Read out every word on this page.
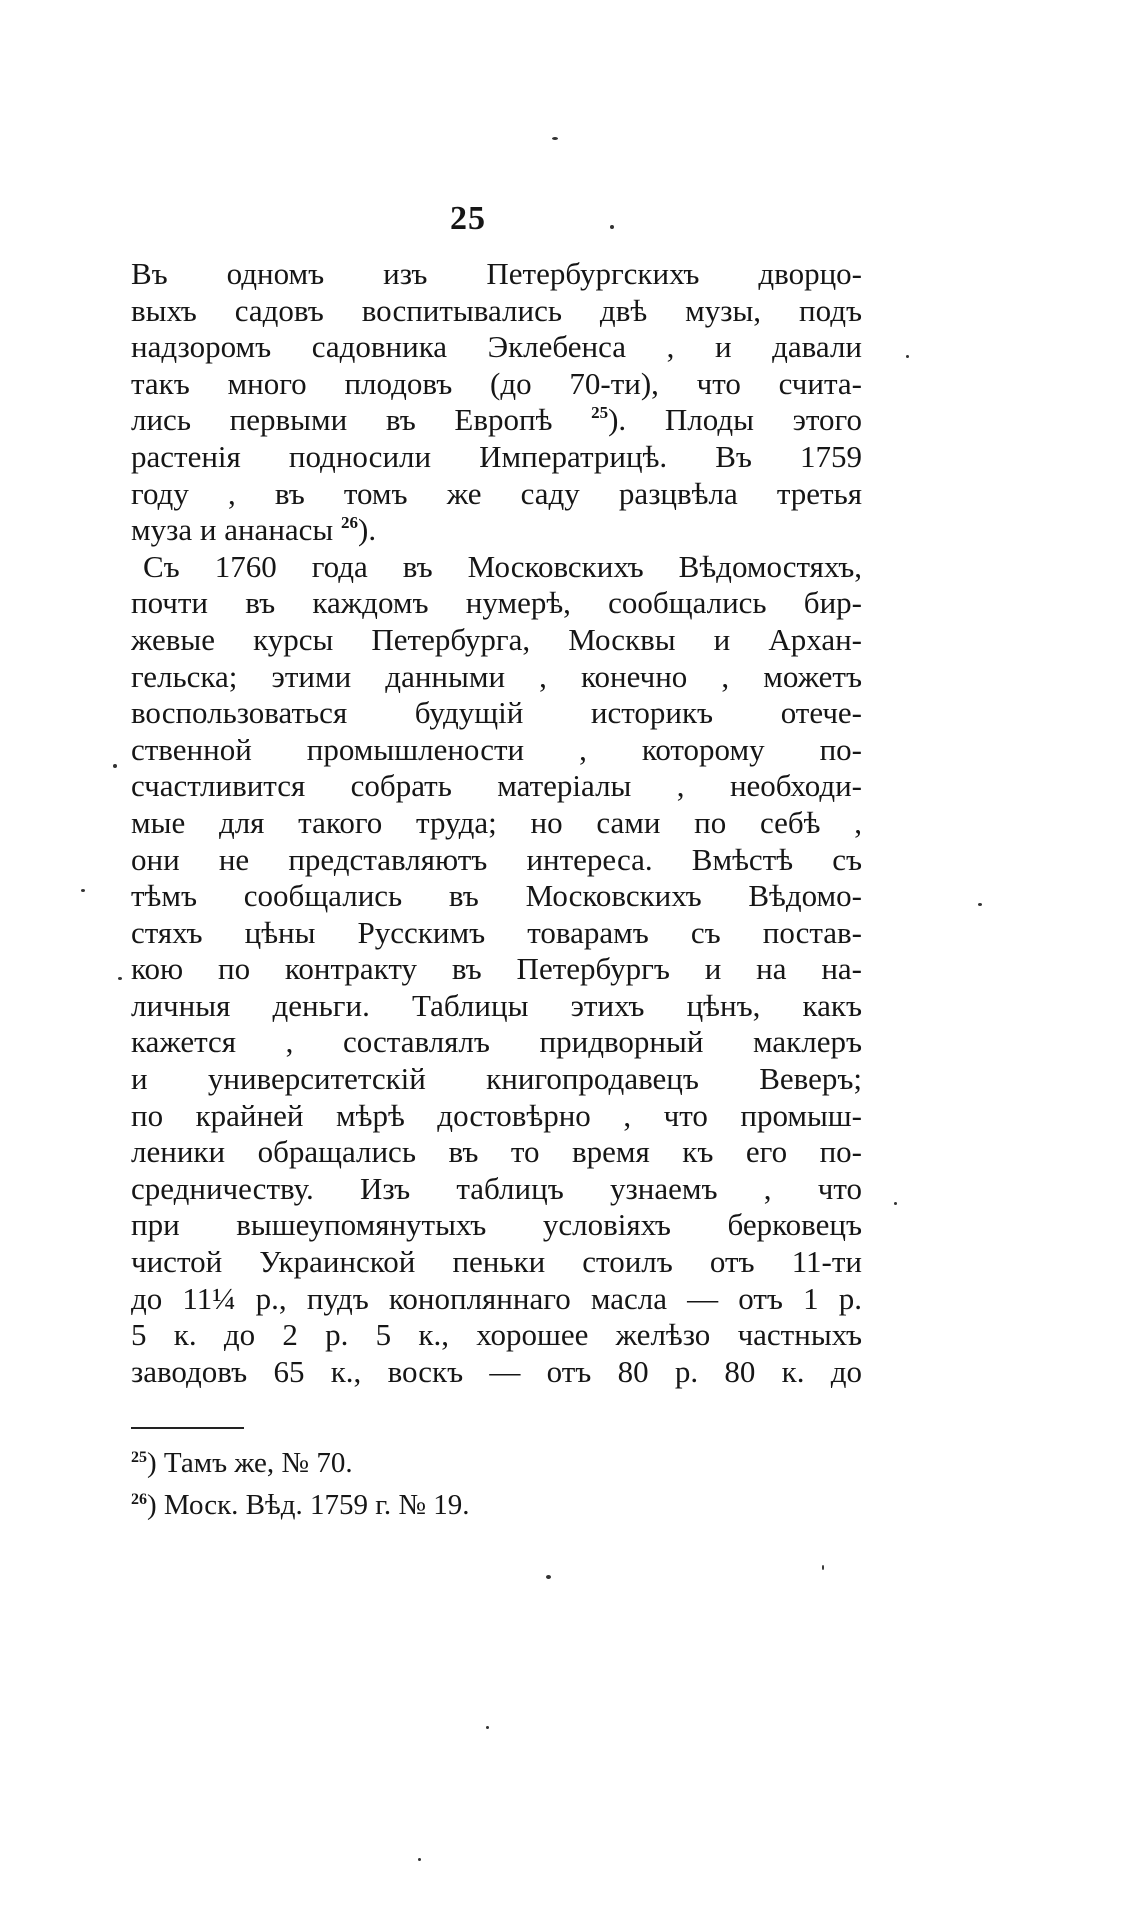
25
Въ одномъ изъ Петербургскихъ дворцо-
выхъ садовъ воспитывались двѣ музы, подъ
надзоромъ садовника Эклебенса , и давали
такъ много плодовъ (до 70-ти), что счита-
лись первыми въ Европѣ $^{25}$). Плоды этого
растенія подносили Императрицѣ. Въ 1759
году , въ томъ же саду разцвѣла третья
муза и ананасы $^{26}$).
Съ 1760 года въ Московскихъ Вѣдомостяхъ,
почти въ каждомъ нумерѣ, сообщались бир-
жевые курсы Петербурга, Москвы и Архан-
гельска; этими данными , конечно , можетъ
воспользоваться будущій историкъ отече-
ственной промышлености , которому по-
счастливится собрать матеріалы , необходи-
мые для такого труда; но сами по себѣ ,
они не представляютъ интереса. Вмѣстѣ съ
тѣмъ сообщались въ Московскихъ Вѣдомо-
стяхъ цѣны Русскимъ товарамъ съ постав-
кою по контракту въ Петербургъ и на на-
личныя деньги. Таблицы этихъ цѣнъ, какъ
кажется , составлялъ придворный маклеръ
и университетскій книгопродавецъ Веверъ;
по крайней мѣрѣ достовѣрно , что промыш-
леники обращались въ то время къ его по-
средничеству. Изъ таблицъ узнаемъ , что
при вышеупомянутыхъ условіяхъ берковецъ
чистой Украинской пеньки стоилъ отъ 11-ти
до 11¼ р., пудъ конопляннаго масла — отъ 1 р.
5 к. до 2 р. 5 к., хорошее желѣзо частныхъ
заводовъ 65 к., воскъ — отъ 80 р. 80 к. до
$^{25}$) Тамъ же, № 70.
$^{26}$) Моск. Вѣд. 1759 г. № 19.
